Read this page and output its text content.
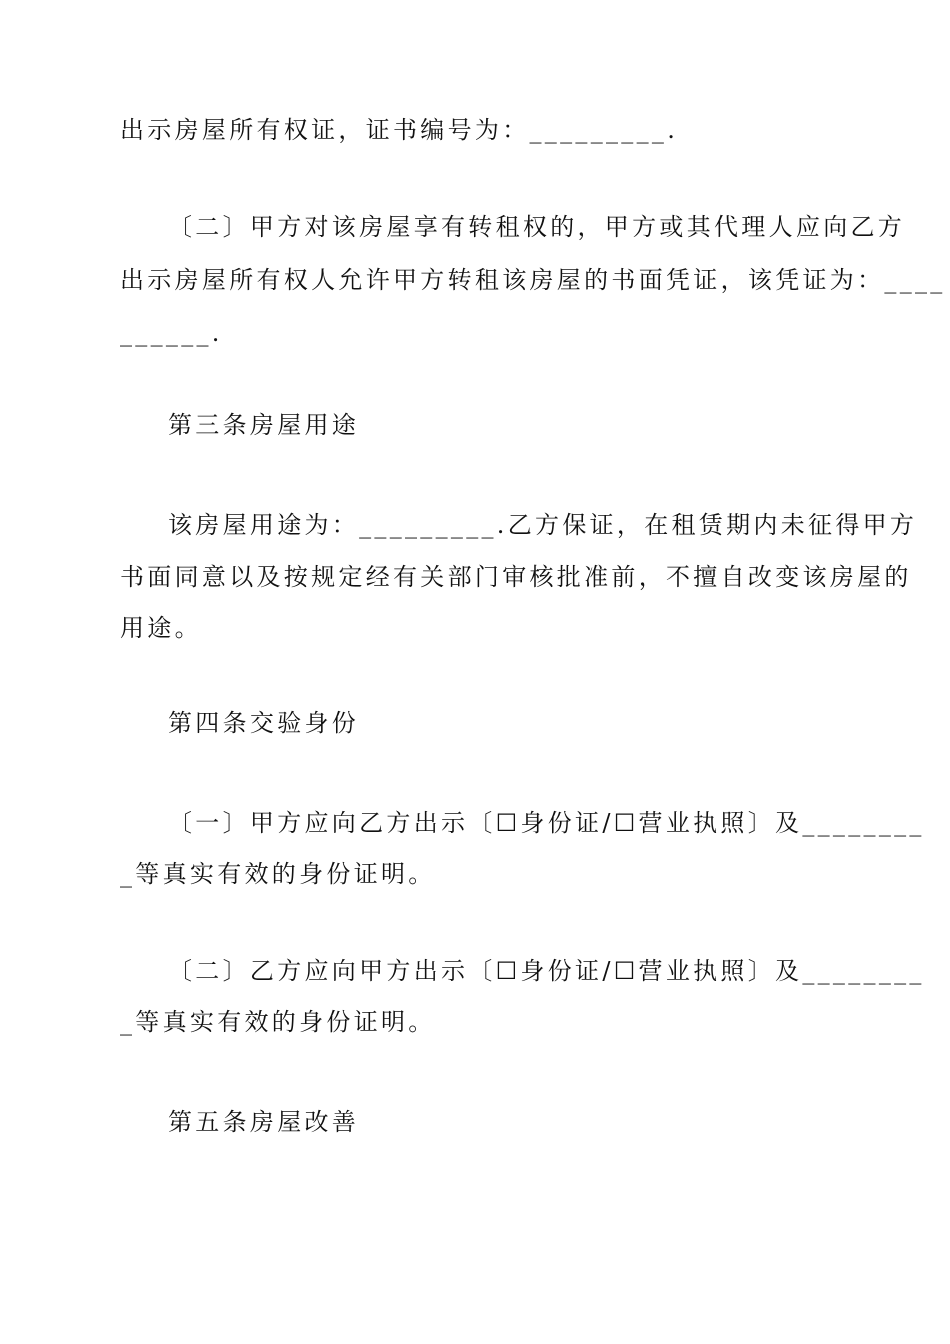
出示房屋所有权证，证书编号为：_________.
〔二〕甲方对该房屋享有转租权的，甲方或其代理人应向乙方
出示房屋所有权人允许甲方转租该房屋的书面凭证，该凭证为：____
______.
第三条房屋用途
该房屋用途为：_________.乙方保证，在租赁期内未征得甲方
书面同意以及按规定经有关部门审核批准前，不擅自改变该房屋的
用途。
第四条交验身份
〔一〕甲方应向乙方出示〔☐身份证/☐营业执照〕及________
_等真实有效的身份证明。
〔二〕乙方应向甲方出示〔☐身份证/☐营业执照〕及________
_等真实有效的身份证明。
第五条房屋改善
